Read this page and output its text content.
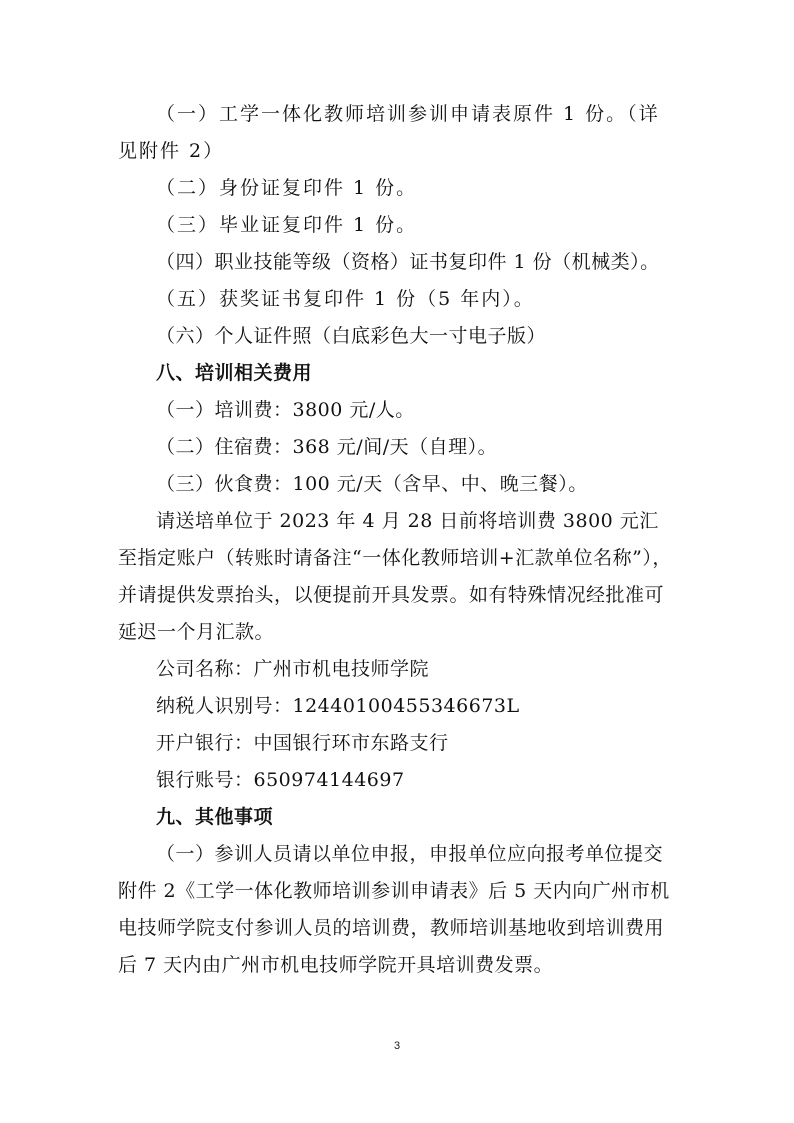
（一）工学一体化教师培训参训申请表原件 1 份。（详见附件 2）

（二）身份证复印件 1 份。

（三）毕业证复印件 1 份。

（四）职业技能等级（资格）证书复印件 1 份（机械类）。

（五）获奖证书复印件 1 份（5 年内）。

（六）个人证件照（白底彩色大一寸电子版）

八、培训相关费用

（一）培训费：3800 元/人。

（二）住宿费：368 元/间/天（自理）。

（三）伙食费：100 元/天（含早、中、晚三餐）。

请送培单位于 2023 年 4 月 28 日前将培训费 3800 元汇至指定账户（转账时请备注“一体化教师培训+汇款单位名称”），并请提供发票抬头，以便提前开具发票。如有特殊情况经批准可延迟一个月汇款。

公司名称：广州市机电技师学院

纳税人识别号：12440100455346673L

开户银行：中国银行环市东路支行

银行账号：650974144697

九、其他事项

（一）参训人员请以单位申报，申报单位应向报考单位提交附件 2《工学一体化教师培训参训申请表》后 5 天内向广州市机电技师学院支付参训人员的培训费，教师培训基地收到培训费用后 7 天内由广州市机电技师学院开具培训费发票。

3
